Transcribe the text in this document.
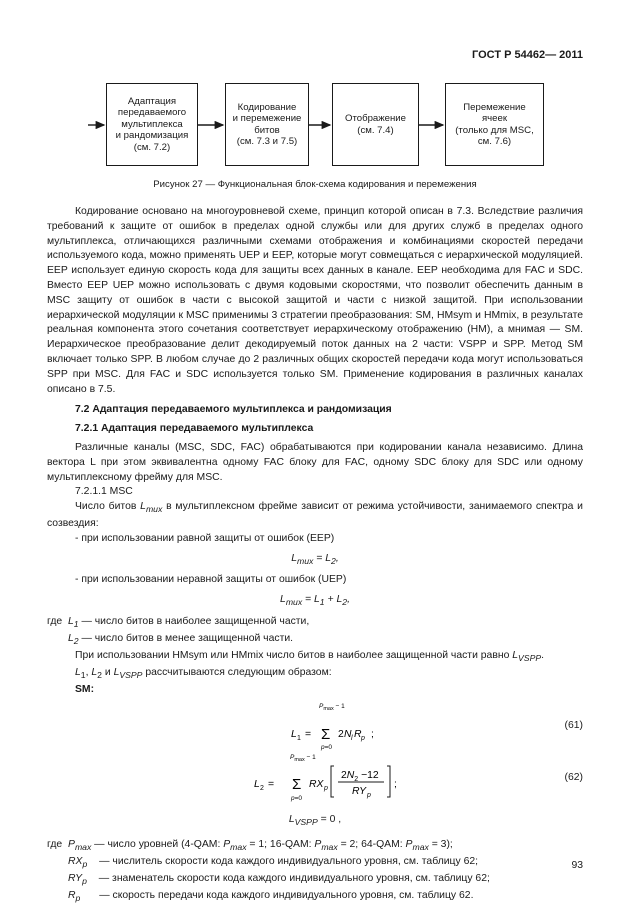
ГОСТ Р 54462— 2011
Адаптация
передаваемого
мультиплекса
и рандомизация
(см. 7.2)
Кодирование
и перемежение
битов
(см. 7.3 и 7.5)
Отображение
(см. 7.4)
Перемежение
ячеек
(только для MSC,
см. 7.6)
Рисунок 27 — Функциональная блок-схема кодирования и перемежения

Кодирование основано на многоуровневой схеме, принцип которой описан в 7.3. Вследствие различия требований к защите от ошибок в пределах одной службы или для других служб в пределах одного мультиплекса, отличающихся различными схемами отображения и комбинациями скоростей передачи используемого кода, можно применять UEP и EEP, которые могут совмещаться с иерархической модуляцией. EEP использует единую скорость кода для защиты всех данных в канале. EEP необходима для FAC и SDC. Вместо EEP UEP можно использовать с двумя кодовыми скоростями, что позволит обеспечить данным в MSC защиту от ошибок в части с высокой защитой и части с низкой защитой. При использовании иерархической модуляции к MSC применимы 3 стратегии преобразования: SM, HMsym и HMmix, в результате реальная компонента этого сочетания соответствует иерархическому отображению (HM), а мнимая — SM. Иерархическое преобразование делит декодируемый поток данных на 2 части: VSPP и SPP. Метод SM включает только SPP. В любом случае до 2 различных общих скоростей передачи кода могут использоваться SPP при MSC. Для FAC и SDC используется только SM. Применение кодирования в различных каналах описано в 7.5.

7.2 Адаптация передаваемого мультиплекса и рандомизация

7.2.1 Адаптация передаваемого мультиплекса

Различные каналы (MSC, SDC, FAC) обрабатываются при кодировании канала независимо. Длина вектора L при этом эквивалентна одному FAC блоку для FAC, одному SDC блоку для SDC или одному мультиплексному фрейму для MSC.

7.2.1.1 MSC

Число битов $L_{mux}$ в мультиплексном фрейме зависит от режима устойчивости, занимаемого спектра и созвездия:

- при использовании равной защиты от ошибок (EEP)

$L_{mux} = L_2$,

- при использовании неравной защиты от ошибок (UEP)

$L_{mux} = L_1 + L_2$,

где $L_1$ — число битов в наиболее защищенной части,

$L_2$ — число битов в менее защищенной части.

При использовании HMsym или HMmix число битов в наиболее защищенной части равно $L_{VSPP}$.

$L_1$, $L_2$ и $L_{VSPP}$ рассчитываются следующим образом:

SM:

L 1 =
$P_{max} - 1$
Σ
p=0
2 N l R p ;
(61)
L 2 =
$P_{max} - 1$
Σ
p=0
RX p
$2N_2 -12$
RY p
;
(62)

$L_{VSPP} = 0$ ,

где $P_{max}$ — число уровней (4-QAM: $P_{max} = 1$; 16-QAM: $P_{max} = 2$; 64-QAM: $P_{max} = 3$);

$RX_p$ — числитель скорости кода каждого индивидуального уровня, см. таблицу 62;

$RY_p$ — знаменатель скорости кода каждого индивидуального уровня, см. таблицу 62;

$R_p$ — скорость передачи кода каждого индивидуального уровня, см. таблицу 62.

93
